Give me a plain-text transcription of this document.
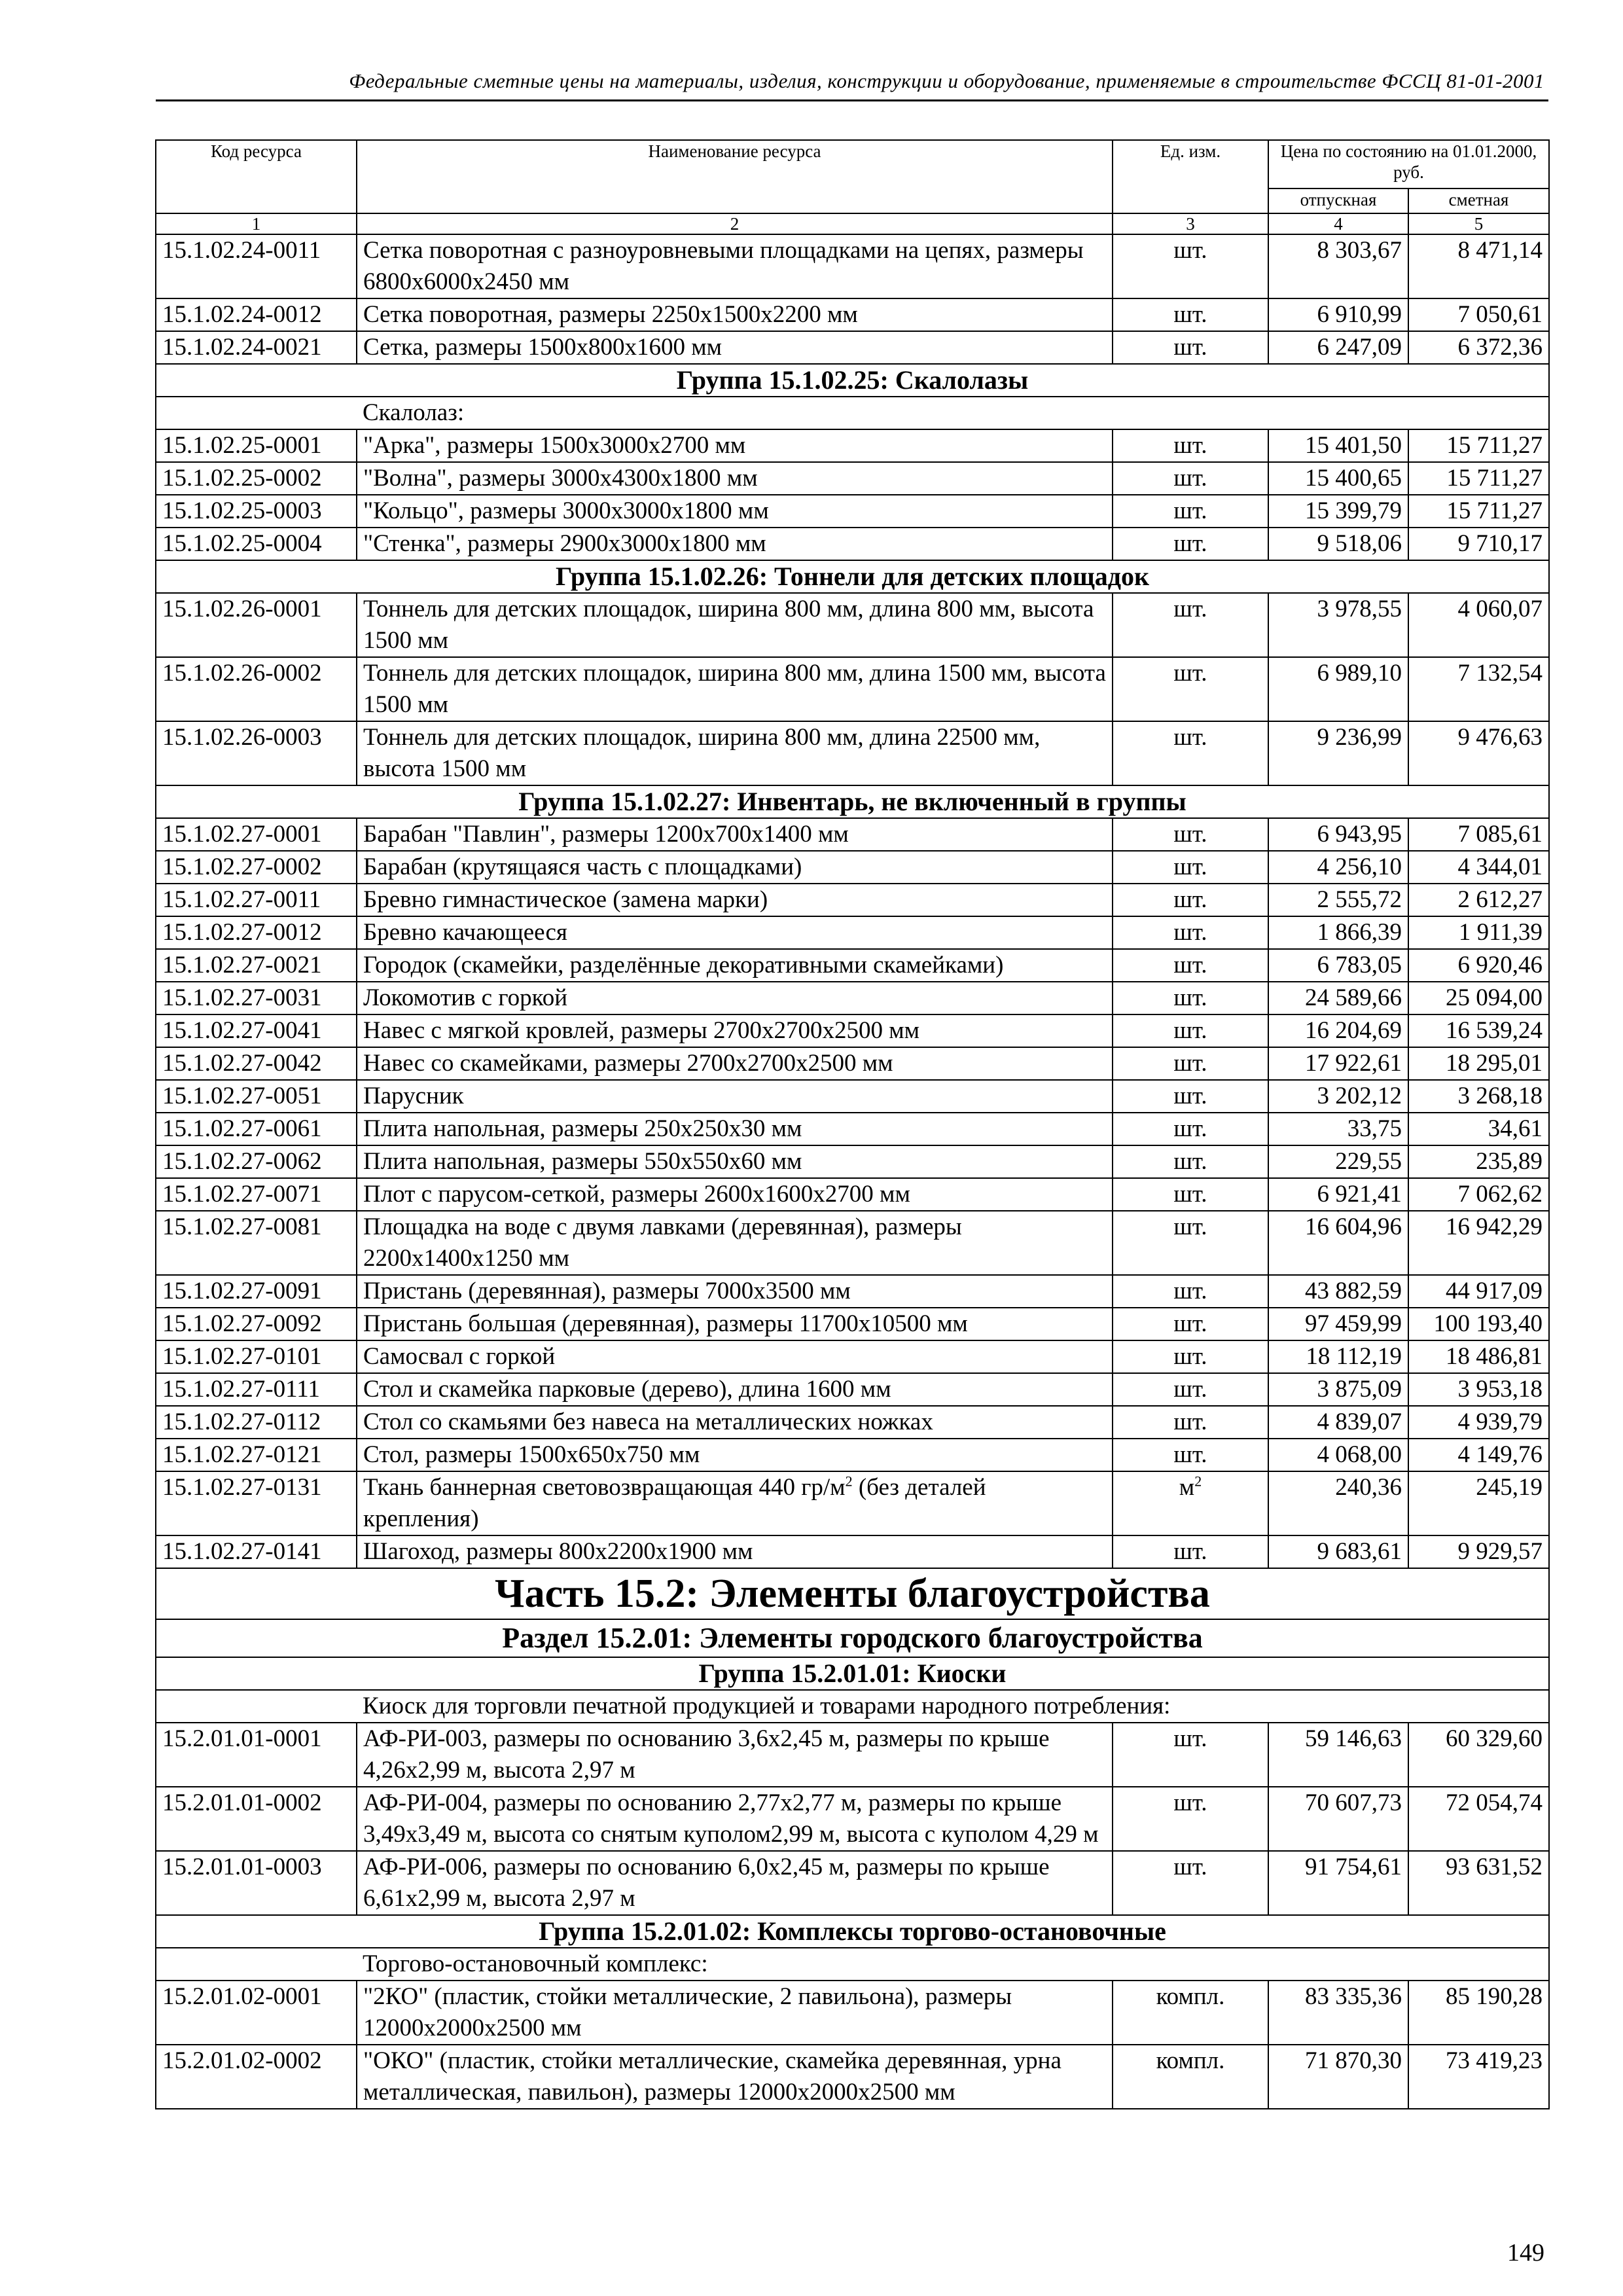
Федеральные сметные цены на материалы, изделия, конструкции и оборудование, применяемые в строительстве ФССЦ 81-01-2001
Код ресурса	Наименование ресурса	Ед. изм.	Цена по состоянию на 01.01.2000, руб.	
			отпускная	сметная
1	2	3	4	5
15.1.02.24-0011	Сетка поворотная с разноуровневыми площадками на цепях, размеры 6800х6000х2450 мм	шт.	8 303,67	8 471,14
15.1.02.24-0012	Сетка поворотная, размеры 2250х1500х2200 мм	шт.	6 910,99	7 050,61
15.1.02.24-0021	Сетка, размеры 1500х800х1600 мм	шт.	6 247,09	6 372,36
Группа 15.1.02.25: Скалолазы				
	Скалолаз:			
15.1.02.25-0001	"Арка", размеры 1500х3000х2700 мм	шт.	15 401,50	15 711,27
15.1.02.25-0002	"Волна", размеры 3000х4300х1800 мм	шт.	15 400,65	15 711,27
15.1.02.25-0003	"Кольцо", размеры 3000х3000х1800 мм	шт.	15 399,79	15 711,27
15.1.02.25-0004	"Стенка", размеры 2900х3000х1800 мм	шт.	9 518,06	9 710,17
Группа 15.1.02.26: Тоннели для детских площадок				
15.1.02.26-0001	Тоннель для детских площадок, ширина 800 мм, длина 800 мм, высота 1500 мм	шт.	3 978,55	4 060,07
15.1.02.26-0002	Тоннель для детских площадок, ширина 800 мм, длина 1500 мм, высота 1500 мм	шт.	6 989,10	7 132,54
15.1.02.26-0003	Тоннель для детских площадок, ширина 800 мм, длина 22500 мм, высота 1500 мм	шт.	9 236,99	9 476,63
Группа 15.1.02.27: Инвентарь, не включенный в группы				
15.1.02.27-0001	Барабан "Павлин", размеры 1200х700х1400 мм	шт.	6 943,95	7 085,61
15.1.02.27-0002	Барабан (крутящаяся часть с площадками)	шт.	4 256,10	4 344,01
15.1.02.27-0011	Бревно гимнастическое (замена марки)	шт.	2 555,72	2 612,27
15.1.02.27-0012	Бревно качающееся	шт.	1 866,39	1 911,39
15.1.02.27-0021	Городок (скамейки, разделённые декоративными скамейками)	шт.	6 783,05	6 920,46
15.1.02.27-0031	Локомотив с горкой	шт.	24 589,66	25 094,00
15.1.02.27-0041	Навес с мягкой кровлей, размеры 2700х2700х2500 мм	шт.	16 204,69	16 539,24
15.1.02.27-0042	Навес со скамейками, размеры 2700х2700х2500 мм	шт.	17 922,61	18 295,01
15.1.02.27-0051	Парусник	шт.	3 202,12	3 268,18
15.1.02.27-0061	Плита напольная, размеры 250х250х30 мм	шт.	33,75	34,61
15.1.02.27-0062	Плита напольная, размеры 550х550х60 мм	шт.	229,55	235,89
15.1.02.27-0071	Плот с парусом-сеткой, размеры 2600х1600х2700 мм	шт.	6 921,41	7 062,62
15.1.02.27-0081	Площадка на воде с двумя лавками (деревянная), размеры 2200х1400х1250 мм	шт.	16 604,96	16 942,29
15.1.02.27-0091	Пристань (деревянная), размеры 7000х3500 мм	шт.	43 882,59	44 917,09
15.1.02.27-0092	Пристань большая (деревянная), размеры 11700х10500 мм	шт.	97 459,99	100 193,40
15.1.02.27-0101	Самосвал с горкой	шт.	18 112,19	18 486,81
15.1.02.27-0111	Стол и скамейка парковые (дерево), длина 1600 мм	шт.	3 875,09	3 953,18
15.1.02.27-0112	Стол со скамьями без навеса на металлических ножках	шт.	4 839,07	4 939,79
15.1.02.27-0121	Стол, размеры 1500х650х750 мм	шт.	4 068,00	4 149,76
15.1.02.27-0131	Ткань баннерная световозвращающая 440 $гр/м^2$ (без деталей крепления)	$м^2$	240,36	245,19
15.1.02.27-0141	Шагоход, размеры 800х2200х1900 мм	шт.	9 683,61	9 929,57
Часть 15.2: Элементы благоустройства				
Раздел 15.2.01: Элементы городского благоустройства				
Группа 15.2.01.01: Киоски				
	Киоск для торговли печатной продукцией и товарами народного потребления:			
15.2.01.01-0001	АФ-РИ-003, размеры по основанию 3,6х2,45 м, размеры по крыше 4,26х2,99 м, высота 2,97 м	шт.	59 146,63	60 329,60
15.2.01.01-0002	АФ-РИ-004, размеры по основанию 2,77х2,77 м, размеры по крыше 3,49х3,49 м, высота со снятым куполом2,99 м, высота с куполом 4,29 м	шт.	70 607,73	72 054,74
15.2.01.01-0003	АФ-РИ-006, размеры по основанию 6,0х2,45 м, размеры по крыше 6,61х2,99 м, высота 2,97 м	шт.	91 754,61	93 631,52
Группа 15.2.01.02: Комплексы торгово-остановочные				
	Торгово-остановочный комплекс:			
15.2.01.02-0001	"2КО" (пластик, стойки металлические, 2 павильона), размеры 12000х2000х2500 мм	компл.	83 335,36	85 190,28
15.2.01.02-0002	"ОКО" (пластик, стойки металлические, скамейка деревянная, урна металлическая, павильон), размеры 12000х2000х2500 мм	компл.	71 870,30	73 419,23
149
